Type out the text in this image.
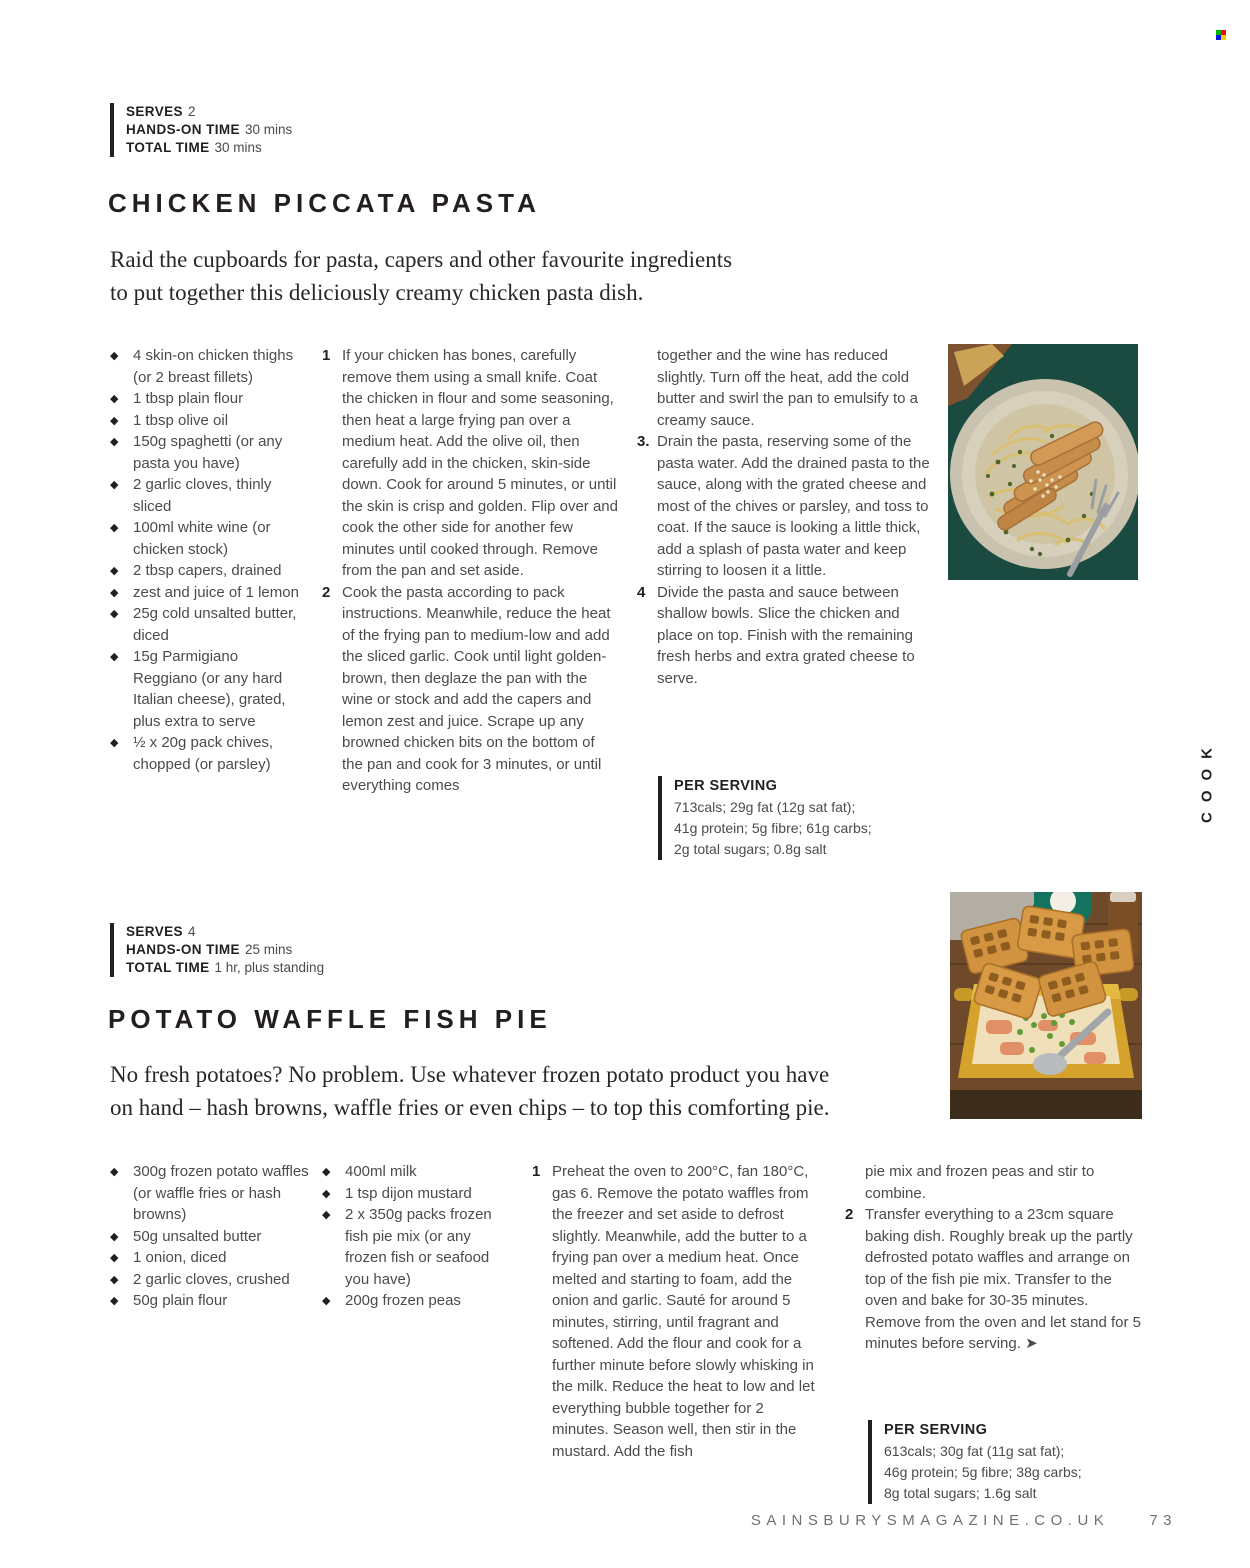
SERVES 2
HANDS-ON TIME 30 mins
TOTAL TIME 30 mins
CHICKEN PICCATA PASTA
Raid the cupboards for pasta, capers and other favourite ingredients
to put together this deliciously creamy chicken pasta dish.
◆ 4 skin-on chicken thighs (or 2 breast fillets)
◆ 1 tbsp plain flour
◆ 1 tbsp olive oil
◆ 150g spaghetti (or any pasta you have)
◆ 2 garlic cloves, thinly sliced
◆ 100ml white wine (or chicken stock)
◆ 2 tbsp capers, drained
◆ zest and juice of 1 lemon
◆ 25g cold unsalted butter, diced
◆ 15g Parmigiano Reggiano (or any hard Italian cheese), grated, plus extra to serve
◆ ½ x 20g pack chives, chopped (or parsley)
1 If your chicken has bones, carefully remove them using a small knife. Coat the chicken in flour and some seasoning, then heat a large frying pan over a medium heat. Add the olive oil, then carefully add in the chicken, skin-side down. Cook for around 5 minutes, or until the skin is crisp and golden. Flip over and cook the other side for another few minutes until cooked through. Remove from the pan and set aside.
2 Cook the pasta according to pack instructions. Meanwhile, reduce the heat of the frying pan to medium-low and add the sliced garlic. Cook until light golden-brown, then deglaze the pan with the wine or stock and add the capers and lemon zest and juice. Scrape up any browned chicken bits on the bottom of the pan and cook for 3 minutes, or until everything comes
together and the wine has reduced slightly. Turn off the heat, add the cold butter and swirl the pan to emulsify to a creamy sauce.
3. Drain the pasta, reserving some of the pasta water. Add the drained pasta to the sauce, along with the grated cheese and most of the chives or parsley, and toss to coat. If the sauce is looking a little thick, add a splash of pasta water and keep stirring to loosen it a little.
4 Divide the pasta and sauce between shallow bowls. Slice the chicken and place on top. Finish with the remaining fresh herbs and extra grated cheese to serve.
PER SERVING
713cals; 29g fat (12g sat fat);
41g protein; 5g fibre; 61g carbs;
2g total sugars; 0.8g salt
SERVES 4
HANDS-ON TIME 25 mins
TOTAL TIME 1 hr, plus standing
POTATO WAFFLE FISH PIE
No fresh potatoes? No problem. Use whatever frozen potato product you have
on hand – hash browns, waffle fries or even chips – to top this comforting pie.
◆ 300g frozen potato waffles (or waffle fries or hash browns)
◆ 50g unsalted butter
◆ 1 onion, diced
◆ 2 garlic cloves, crushed
◆ 50g plain flour
◆ 400ml milk
◆ 1 tsp dijon mustard
◆ 2 x 350g packs frozen fish pie mix (or any frozen fish or seafood you have)
◆ 200g frozen peas
1 Preheat the oven to 200°C, fan 180°C, gas 6. Remove the potato waffles from the freezer and set aside to defrost slightly. Meanwhile, add the butter to a frying pan over a medium heat. Once melted and starting to foam, add the onion and garlic. Sauté for around 5 minutes, stirring, until fragrant and softened. Add the flour and cook for a further minute before slowly whisking in the milk. Reduce the heat to low and let everything bubble together for 2 minutes. Season well, then stir in the mustard. Add the fish
pie mix and frozen peas and stir to combine.
2 Transfer everything to a 23cm square baking dish. Roughly break up the partly defrosted potato waffles and arrange on top of the fish pie mix. Transfer to the oven and bake for 30-35 minutes. Remove from the oven and let stand for 5 minutes before serving. ➤
PER SERVING
613cals; 30g fat (11g sat fat);
46g protein; 5g fibre; 38g carbs;
8g total sugars; 1.6g salt
COOK
SAINSBURYSMAGAZINE.CO.UK	73
